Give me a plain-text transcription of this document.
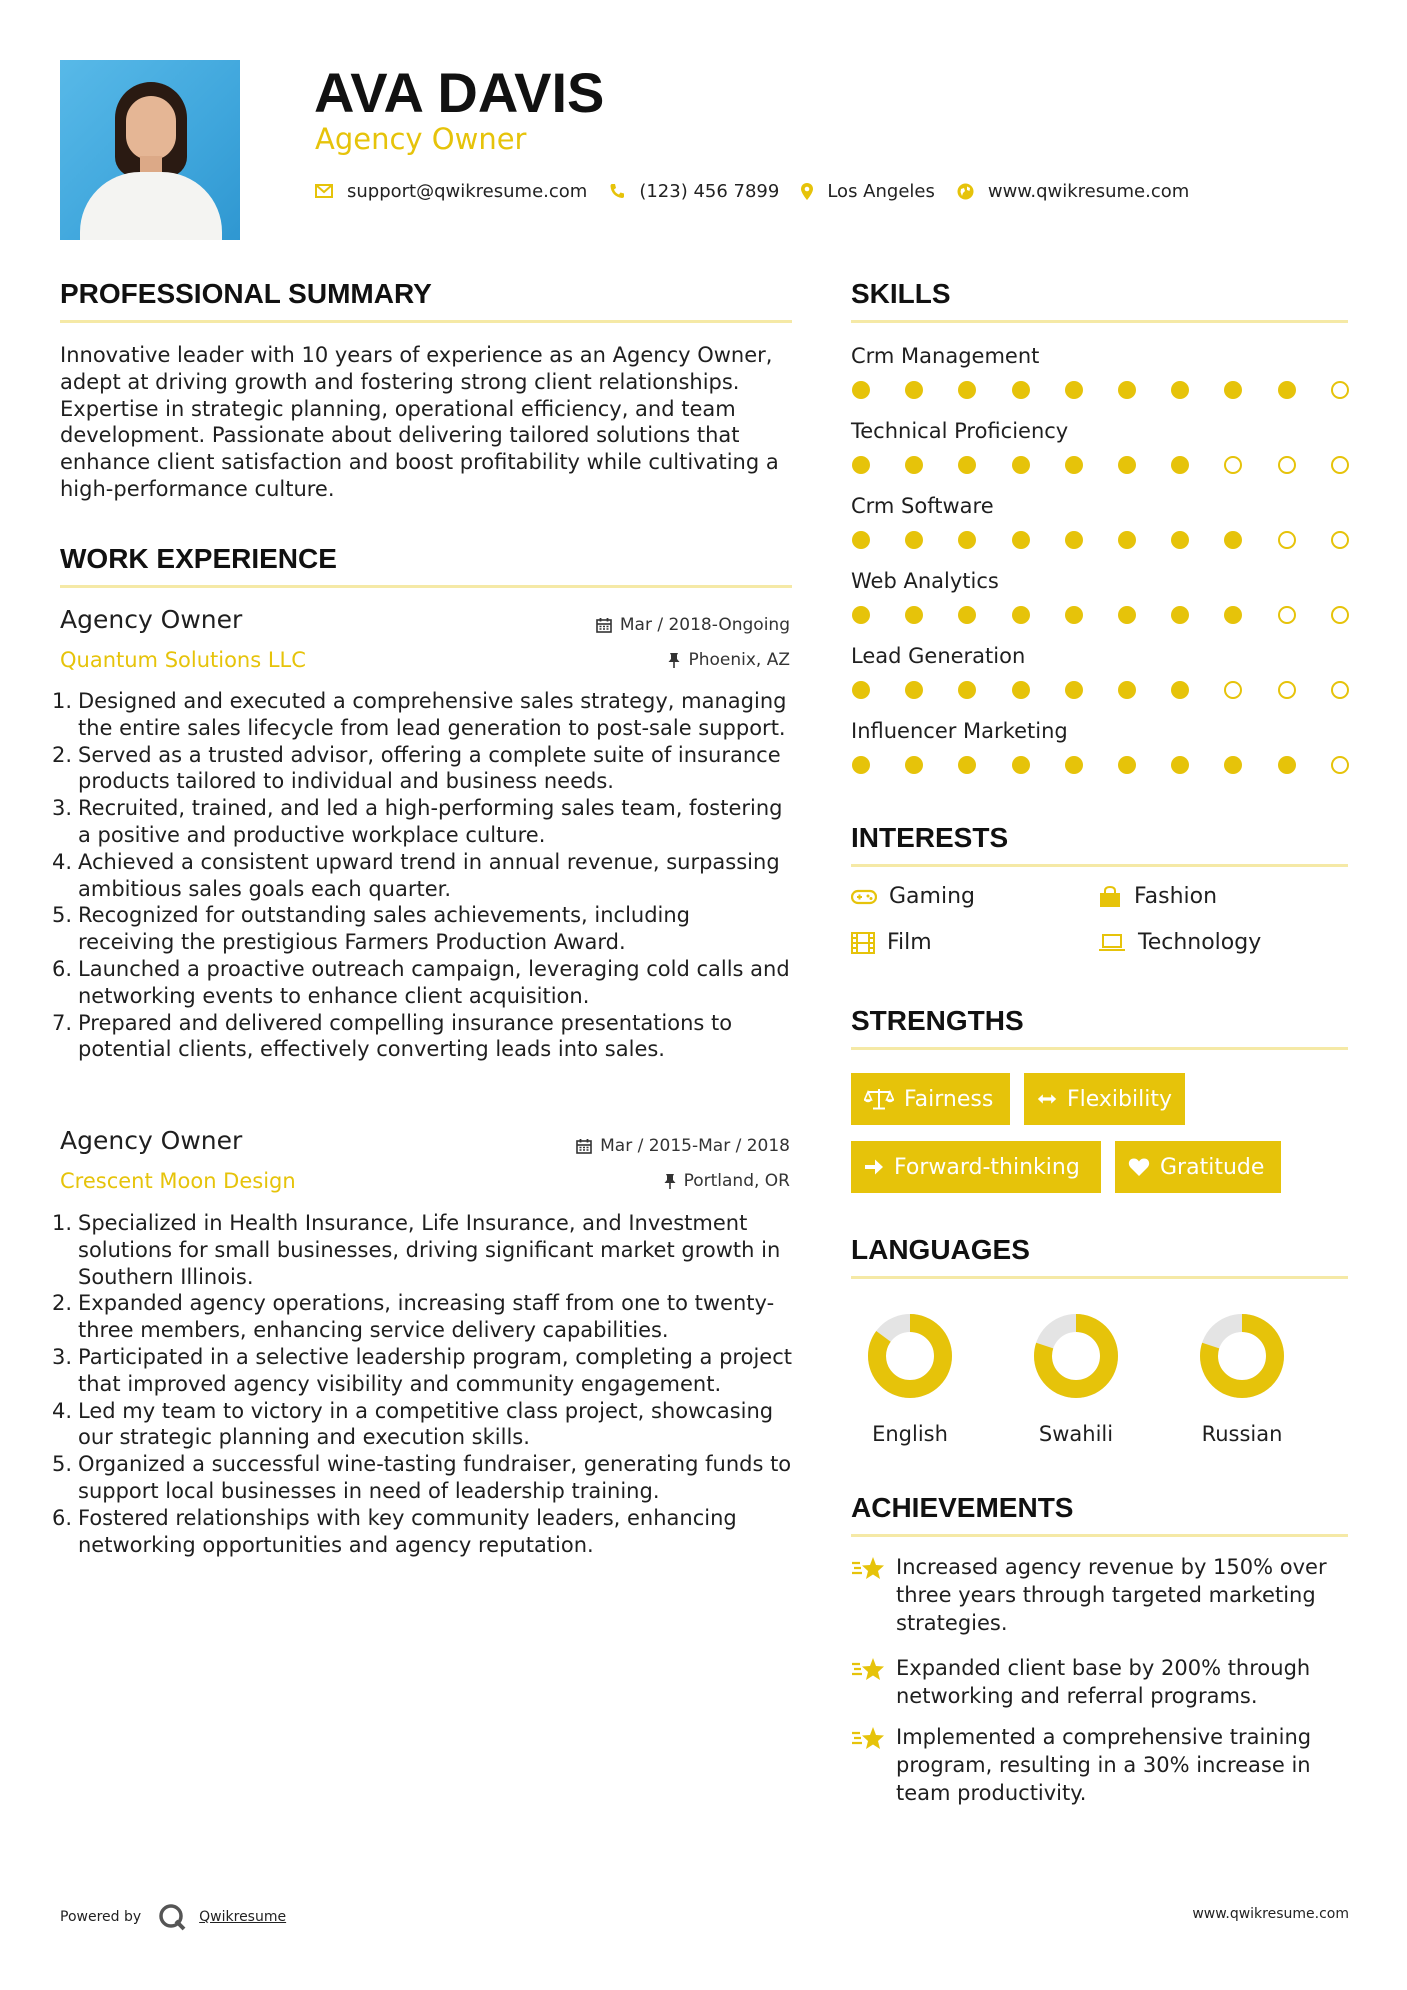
AVA DAVIS
Agency Owner
support@qwikresume.com	(123) 456 7899	Los Angeles	www.qwikresume.com
PROFESSIONAL SUMMARY
Innovative leader with 10 years of experience as an Agency Owner, adept at driving growth and fostering strong client relationships. Expertise in strategic planning, operational efficiency, and team development. Passionate about delivering tailored solutions that enhance client satisfaction and boost profitability while cultivating a high-performance culture.
WORK EXPERIENCE
Agency Owner
Quantum Solutions LLC
Mar / 2018-Ongoing
Phoenix, AZ
1. Designed and executed a comprehensive sales strategy, managing the entire sales lifecycle from lead generation to post-sale support.
2. Served as a trusted advisor, offering a complete suite of insurance products tailored to individual and business needs.
3. Recruited, trained, and led a high-performing sales team, fostering a positive and productive workplace culture.
4. Achieved a consistent upward trend in annual revenue, surpassing ambitious sales goals each quarter.
5. Recognized for outstanding sales achievements, including receiving the prestigious Farmers Production Award.
6. Launched a proactive outreach campaign, leveraging cold calls and networking events to enhance client acquisition.
7. Prepared and delivered compelling insurance presentations to potential clients, effectively converting leads into sales.
Agency Owner
Crescent Moon Design
Mar / 2015-Mar / 2018
Portland, OR
1. Specialized in Health Insurance, Life Insurance, and Investment solutions for small businesses, driving significant market growth in Southern Illinois.
2. Expanded agency operations, increasing staff from one to twenty-three members, enhancing service delivery capabilities.
3. Participated in a selective leadership program, completing a project that improved agency visibility and community engagement.
4. Led my team to victory in a competitive class project, showcasing our strategic planning and execution skills.
5. Organized a successful wine-tasting fundraiser, generating funds to support local businesses in need of leadership training.
6. Fostered relationships with key community leaders, enhancing networking opportunities and agency reputation.
SKILLS
Crm Management
Technical Proficiency
Crm Software
Web Analytics
Lead Generation
Influencer Marketing
INTERESTS
Gaming	Fashion
Film	Technology
STRENGTHS
Fairness	Flexibility
Forward-thinking	Gratitude
LANGUAGES
English	Swahili	Russian
ACHIEVEMENTS
Increased agency revenue by 150% over three years through targeted marketing strategies.
Expanded client base by 200% through networking and referral programs.
Implemented a comprehensive training program, resulting in a 30% increase in team productivity.
Powered by	Qwikresume	www.qwikresume.com
